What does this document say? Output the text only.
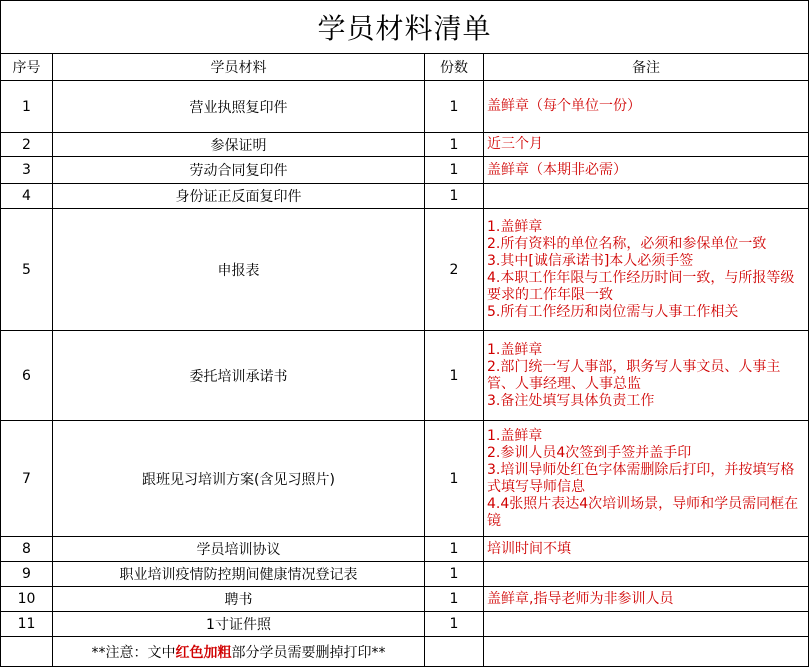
学员材料清单			
序号	学员材料	份数	备注
1	营业执照复印件	1	盖鲜章（每个单位一份）

2	参保证明	1	近三个月

3	劳动合同复印件	1	盖鲜章（本期非必需）

4	身份证正反面复印件	1	
5	申报表	2	1.盖鲜章
2.所有资料的单位名称，必须和参保单位一致
3.其中[诚信承诺书]本人必须手签
4.本职工作年限与工作经历时间一致，与所报等级要求的工作年限一致
5.所有工作经历和岗位需与人事工作相关

6	委托培训承诺书	1	1.盖鲜章
2.部门统一写人事部，职务写人事文员、人事主管、人事经理、人事总监
3.备注处填写具体负责工作

7	跟班见习培训方案(含见习照片)	1	1.盖鲜章
2.参训人员4次签到手签并盖手印
3.培训导师处红色字体需删除后打印，并按填写格式填写导师信息
4.4张照片表达4次培训场景，导师和学员需同框在镜

8	学员培训协议	1	培训时间不填

9	职业培训疫情防控期间健康情况登记表	1	
10	聘书	1	盖鲜章,指导老师为非参训人员

11	1寸证件照	1	
	**注意：文中红色加粗部分学员需要删掉打印**		
